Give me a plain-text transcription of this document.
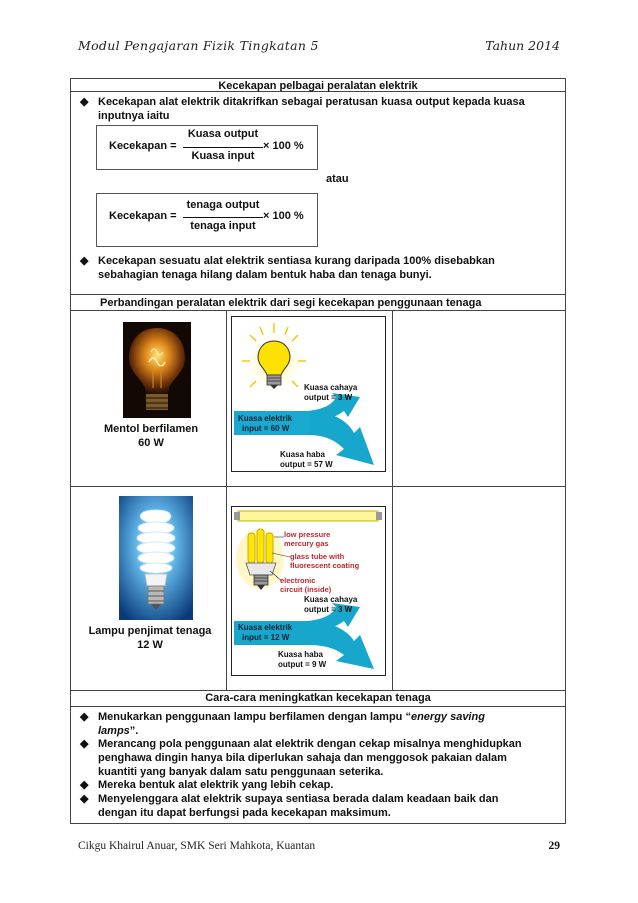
Modul Pengajaran Fizik Tingkatan 5	Tahun 2014
Kecekapan pelbagai peralatan elektrik
◆ Kecekapan alat elektrik ditakrifkan sebagai peratusan kuasa output kepada kuasa
inputnya iaitu
Kecekapan =
Kuasa output
Kuasa input
× 100 %
atau
Kecekapan =
tenaga output
tenaga input
× 100 %
◆ Kecekapan sesuatu alat elektrik sentiasa kurang daripada 100% disebabkan
sebahagian tenaga hilang dalam bentuk haba dan tenaga bunyi.
Perbandingan peralatan elektrik dari segi kecekapan penggunaan tenaga
Mentol berfilamen
60 W
Kuasa cahaya
output = 3 W
Kuasa elektrik
input = 60 W
Kuasa haba
output = 57 W
Lampu penjimat tenaga
12 W
low pressure
mercury gas
glass tube with
fluorescent coating
electronic
circuit (inside)
Kuasa cahaya
output = 3 W
Kuasa elektrik
input = 12 W
Kuasa haba
output = 9 W
Cara-cara meningkatkan kecekapan tenaga
◆ Menukarkan penggunaan lampu berfilamen dengan lampu “energy saving
lamps”.
◆ Merancang pola penggunaan alat elektrik dengan cekap misalnya menghidupkan
penghawa dingin hanya bila diperlukan sahaja dan menggosok pakaian dalam
kuantiti yang banyak dalam satu penggunaan seterika.
◆ Mereka bentuk alat elektrik yang lebih cekap.
◆ Menyelenggara alat elektrik supaya sentiasa berada dalam keadaan baik dan
dengan itu dapat berfungsi pada kecekapan maksimum.
Cikgu Khairul Anuar, SMK Seri Mahkota, Kuantan	29
